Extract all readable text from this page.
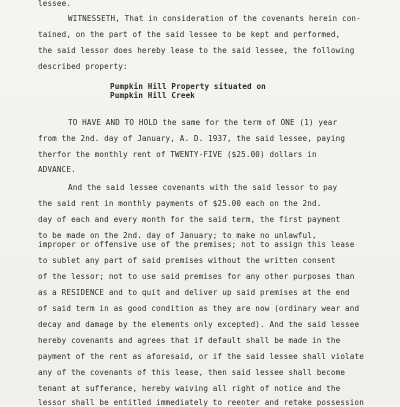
lessee.
WITNESSETH, That in consideration of the covenants herein con-
tained, on the part of the said lessee to be kept and performed,
the said lessor does hereby lease to the said lessee, the following
described property:
Pumpkin Hill Property situated on
Pumpkin Hill Creek
TO HAVE AND TO HOLD the same for the term of ONE (1) year
from the 2nd. day of January, A. D. 1937, the said lessee, paying
therfor the monthly rent of TWENTY-FIVE ($25.00) dollars in
ADVANCE.
And the said lessee covenants with the said lessor to pay
the said rent in monthly payments of $25.00 each on the 2nd.
day of each and every month for the said term, the first payment
to be made on the 2nd. day of January; to make no unlawful,
improper or offensive use of the premises; not to assign this lease
to sublet any part of said premises without the written consent
of the lessor; not to use said premises for any other purposes than
as a RESIDENCE and to quit and deliver up said premises at the end
of said term in as good condition as they are now (ordinary wear and
decay and damage by the elements only excepted). And the said lessee
hereby covenants and agrees that if default shall be made in the
payment of the rent as aforesaid, or if the said lessee shall violate
any of the covenants of this lease, then said lessee shall become
tenant at sufferance, hereby waiving all right of notice and the
lessor shall be entitled immediately to reenter and retake possession
